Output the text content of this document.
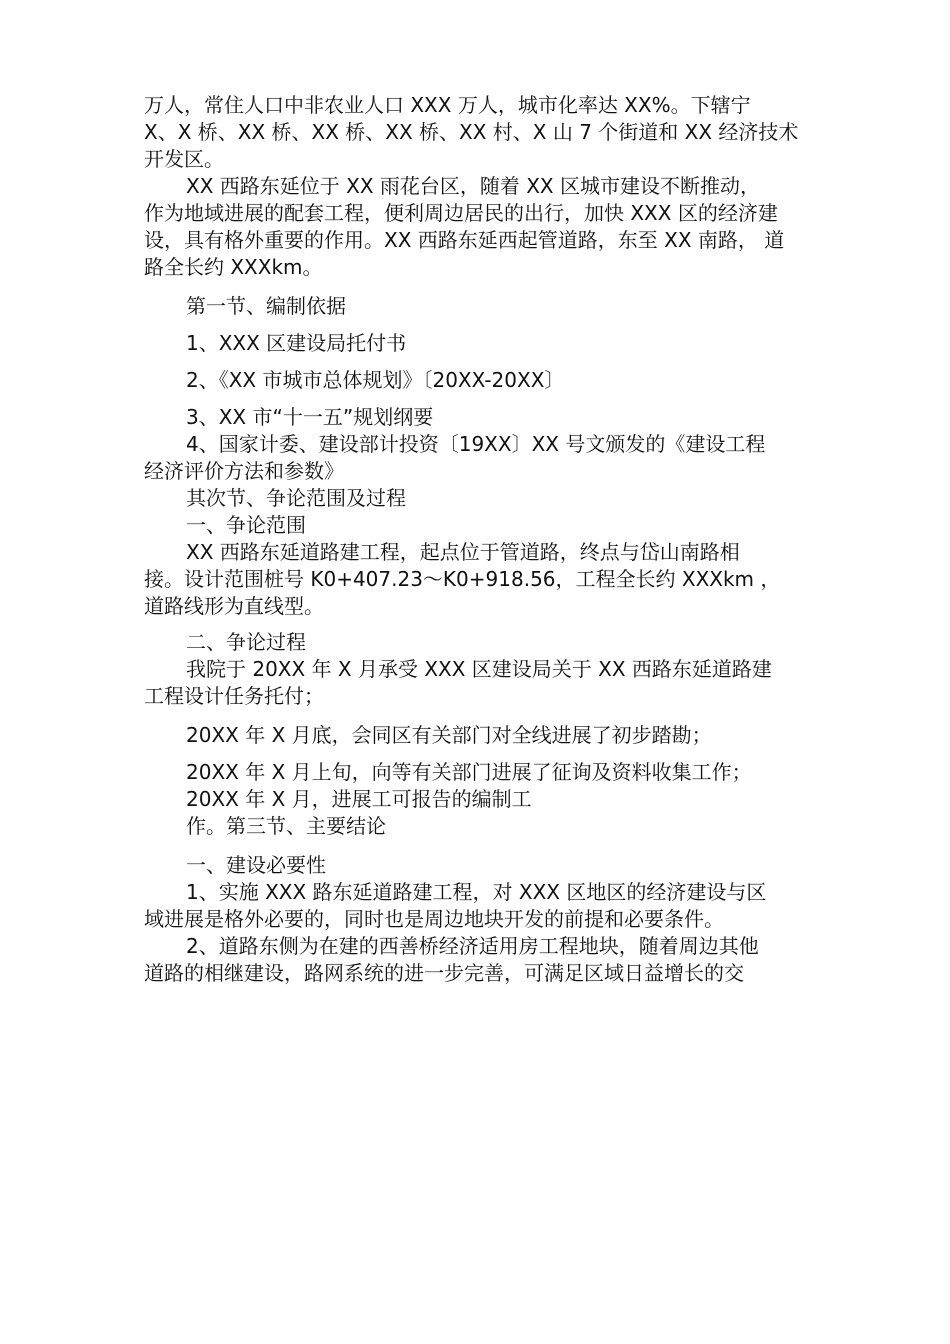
万人，常住人口中非农业人口 XXX 万人，城市化率达 XX%。下辖宁

X、X 桥、XX 桥、XX 桥、XX 桥、XX 村、X 山 7 个街道和 XX 经济技术

开发区。

XX 西路东延位于 XX 雨花台区，随着 XX 区城市建设不断推动，

作为地域进展的配套工程，便利周边居民的出行，加快 XXX 区的经济建

设，具有格外重要的作用。XX 西路东延西起管道路，东至 XX 南路， 道

路全长约 XXXkm。

第一节、编制依据

1、XXX 区建设局托付书

2、《XX 市城市总体规划》〔20XX-20XX〕

3、XX 市“十一五”规划纲要

4、国家计委、建设部计投资〔19XX〕XX 号文颁发的《建设工程

经济评价方法和参数》

其次节、争论范围及过程

一、争论范围

XX 西路东延道路建工程，起点位于管道路，终点与岱山南路相

接。设计范围桩号 K0+407.23～K0+918.56，工程全长约 XXXkm ，

道路线形为直线型。

二、争论过程

我院于 20XX 年 X 月承受 XXX 区建设局关于 XX 西路东延道路建

工程设计任务托付；

20XX 年 X 月底，会同区有关部门对全线进展了初步踏勘；

20XX 年 X 月上旬，向等有关部门进展了征询及资料收集工作；

20XX 年 X 月，进展工可报告的编制工

作。第三节、主要结论

一、建设必要性

1、实施 XXX 路东延道路建工程，对 XXX 区地区的经济建设与区

域进展是格外必要的，同时也是周边地块开发的前提和必要条件。

2、道路东侧为在建的西善桥经济适用房工程地块，随着周边其他

道路的相继建设，路网系统的进一步完善，可满足区域日益增长的交
